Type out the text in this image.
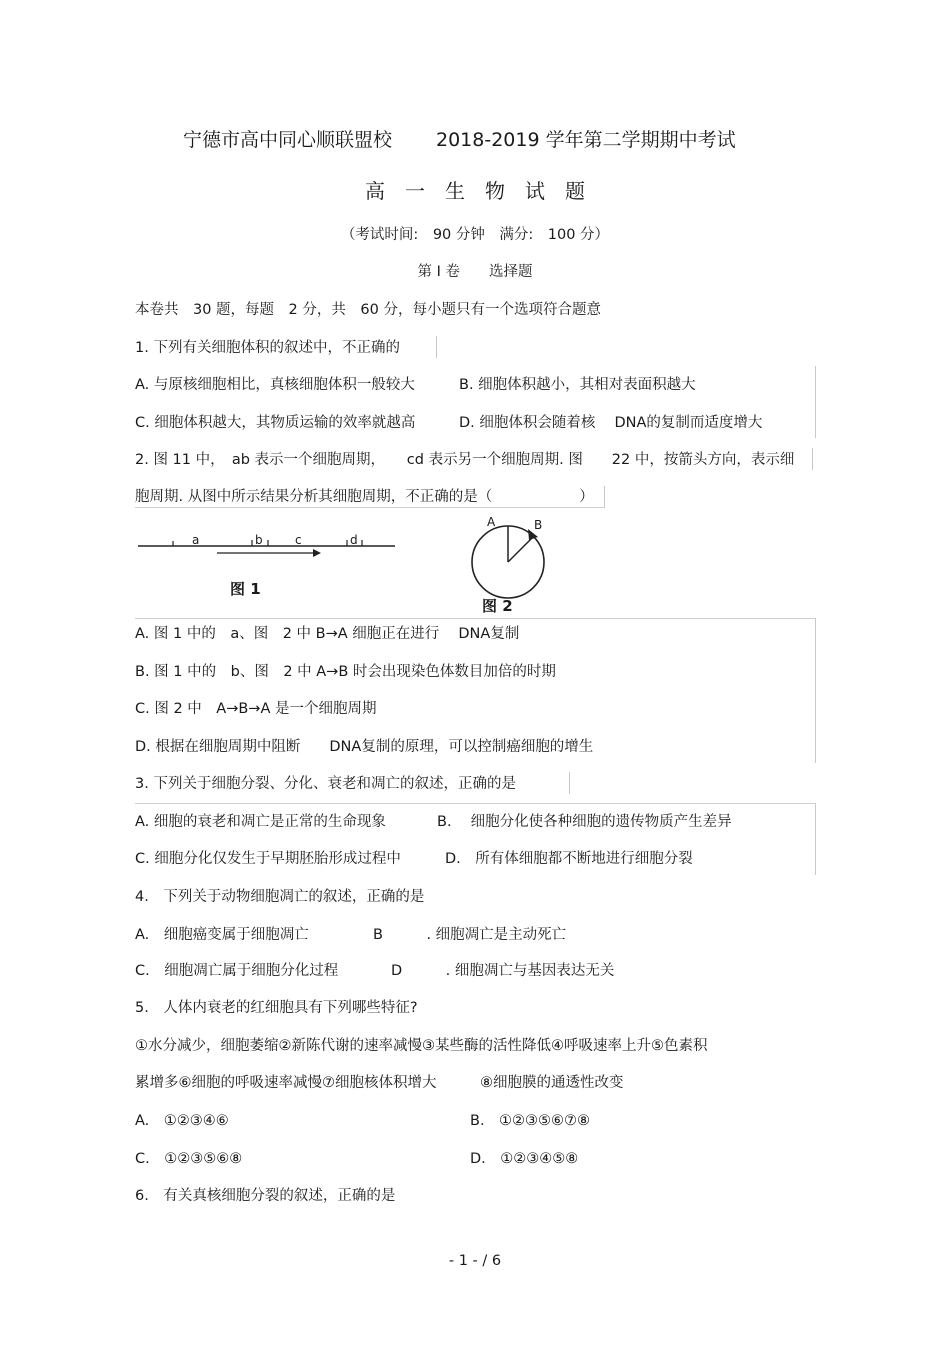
宁德市高中同心顺联盟校 2018-2019 学年第二学期期中考试
高　一　生　物　试　题
（考试时间:　90 分钟　满分:　100 分）
第 I 卷　　选择题
本卷共　30 题，每题　2 分，共　60 分，每小题只有一个选项符合题意
1. 下列有关细胞体积的叙述中，不正确的
A. 与原核细胞相比，真核细胞体积一般较大	B. 细胞体积越小，其相对表面积越大
C. 细胞体积越大，其物质运输的效率就越高	D. 细胞体积会随着核　 DNA的复制而适度增大
2. 图 11 中，　ab 表示一个细胞周期，　　cd 表示另一个细胞周期. 图　　22 中，按箭头方向，表示细
胞周期. 从图中所示结果分析其细胞周期，不正确的是（　　　　　　）
a	b	c	d
图 1
A	B
图 2
A. 图 1 中的　a、图　2 中 B→A 细胞正在进行　 DNA复制
B. 图 1 中的　b、图　2 中 A→B 时会出现染色体数目加倍的时期
C. 图 2 中　A→B→A 是一个细胞周期
D. 根据在细胞周期中阻断　　DNA复制的原理，可以控制癌细胞的增生
3. 下列关于细胞分裂、分化、衰老和凋亡的叙述，正确的是
A. 细胞的衰老和凋亡是正常的生命现象	B.　 细胞分化使各种细胞的遗传物质产生差异
C. 细胞分化仅发生于早期胚胎形成过程中	D.　所有体细胞都不断地进行细胞分裂
4.　下列关于动物细胞凋亡的叙述，正确的是
A.　细胞癌变属于细胞凋亡	B　　　. 细胞凋亡是主动死亡
C.　细胞凋亡属于细胞分化过程	D　　　. 细胞凋亡与基因表达无关
5.　人体内衰老的红细胞具有下列哪些特征?
①水分减少，细胞萎缩②新陈代谢的速率减慢③某些酶的活性降低④呼吸速率上升⑤色素积
累增多⑥细胞的呼吸速率减慢⑦细胞核体积增大　　　⑧细胞膜的通透性改变
A.　①②③④⑥	B.　①②③⑤⑥⑦⑧
C.　①②③⑤⑥⑧	D.　①②③④⑤⑧
6.　有关真核细胞分裂的叙述，正确的是
- 1 - / 6
